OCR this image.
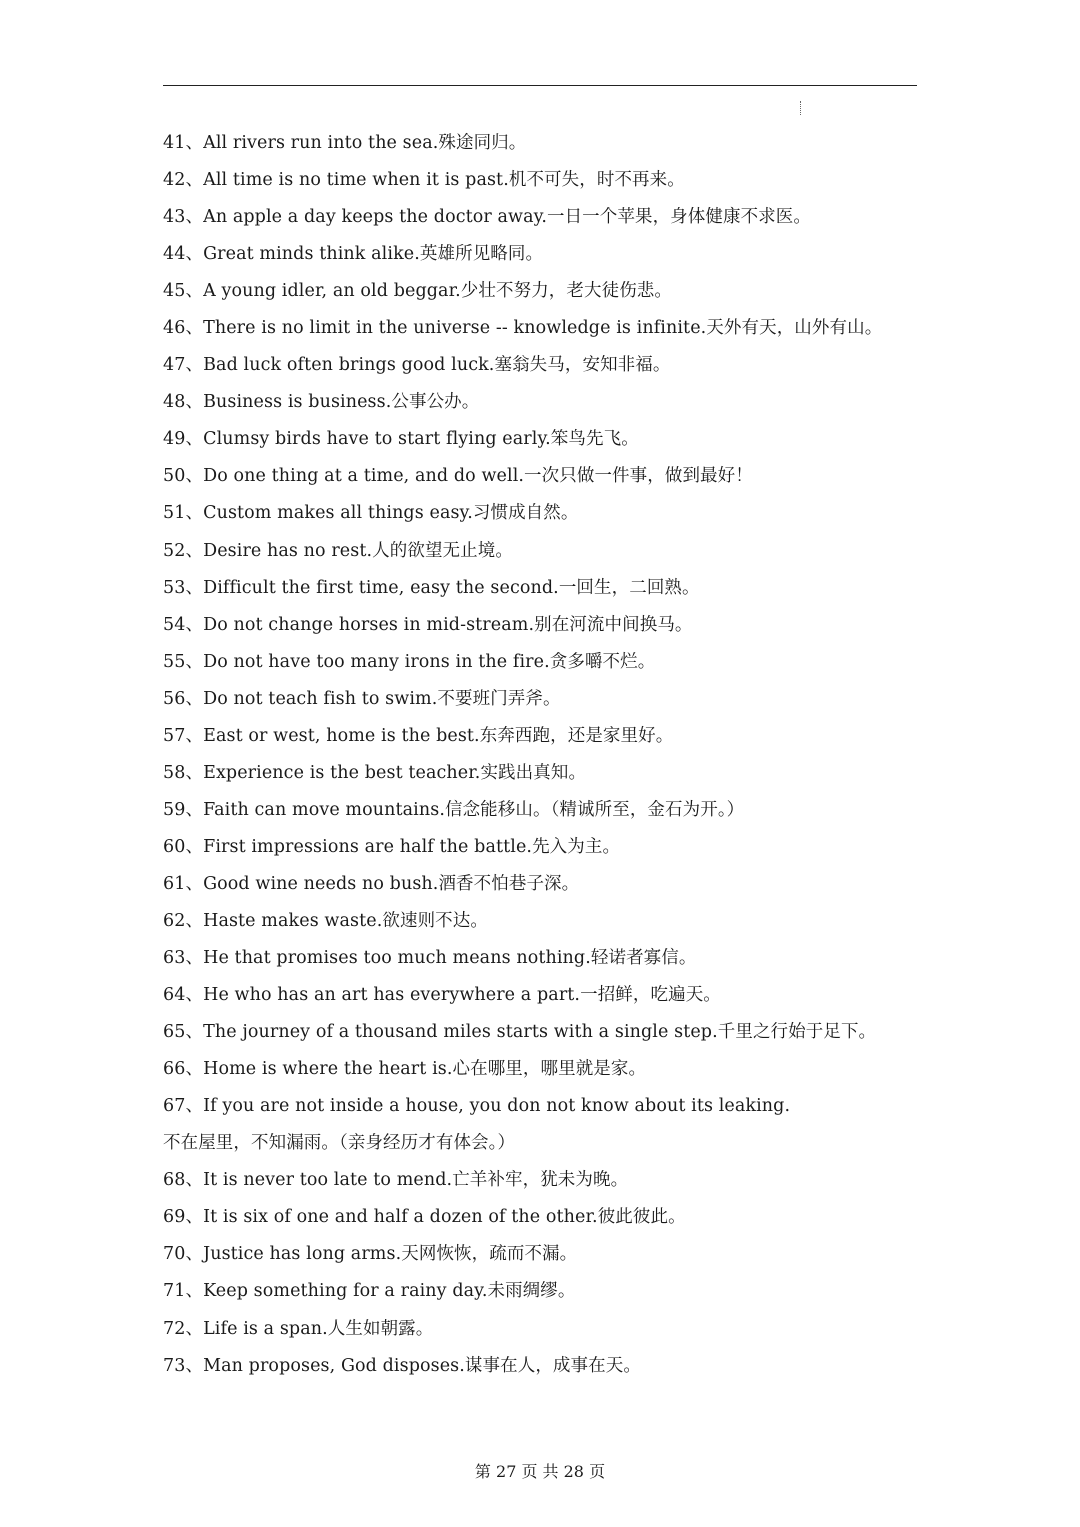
41、All rivers run into the sea.殊途同归。
42、All time is no time when it is past.机不可失，时不再来。
43、An apple a day keeps the doctor away.一日一个苹果，身体健康不求医。
44、Great minds think alike.英雄所见略同。
45、A young idler, an old beggar.少壮不努力，老大徒伤悲。
46、There is no limit in the universe -- knowledge is infinite.天外有天，山外有山。
47、Bad luck often brings good luck.塞翁失马，安知非福。
48、Business is business.公事公办。
49、Clumsy birds have to start flying early.笨鸟先飞。
50、Do one thing at a time, and do well.一次只做一件事，做到最好！
51、Custom makes all things easy.习惯成自然。
52、Desire has no rest.人的欲望无止境。
53、Difficult the first time, easy the second.一回生，二回熟。
54、Do not change horses in mid-stream.别在河流中间换马。
55、Do not have too many irons in the fire.贪多嚼不烂。
56、Do not teach fish to swim.不要班门弄斧。
57、East or west, home is the best.东奔西跑，还是家里好。
58、Experience is the best teacher.实践出真知。
59、Faith can move mountains.信念能移山。（精诚所至，金石为开。）
60、First impressions are half the battle.先入为主。
61、Good wine needs no bush.酒香不怕巷子深。
62、Haste makes waste.欲速则不达。
63、He that promises too much means nothing.轻诺者寡信。
64、He who has an art has everywhere a part.一招鲜，吃遍天。
65、The journey of a thousand miles starts with a single step.千里之行始于足下。
66、Home is where the heart is.心在哪里，哪里就是家。
67、If you are not inside a house, you don not know about its leaking.
不在屋里，不知漏雨。（亲身经历才有体会。）
68、It is never too late to mend.亡羊补牢，犹未为晚。
69、It is six of one and half a dozen of the other.彼此彼此。
70、Justice has long arms.天网恢恢，疏而不漏。
71、Keep something for a rainy day.未雨绸缪。
72、Life is a span.人生如朝露。
73、Man proposes, God disposes.谋事在人，成事在天。
第 27 页 共 28 页
